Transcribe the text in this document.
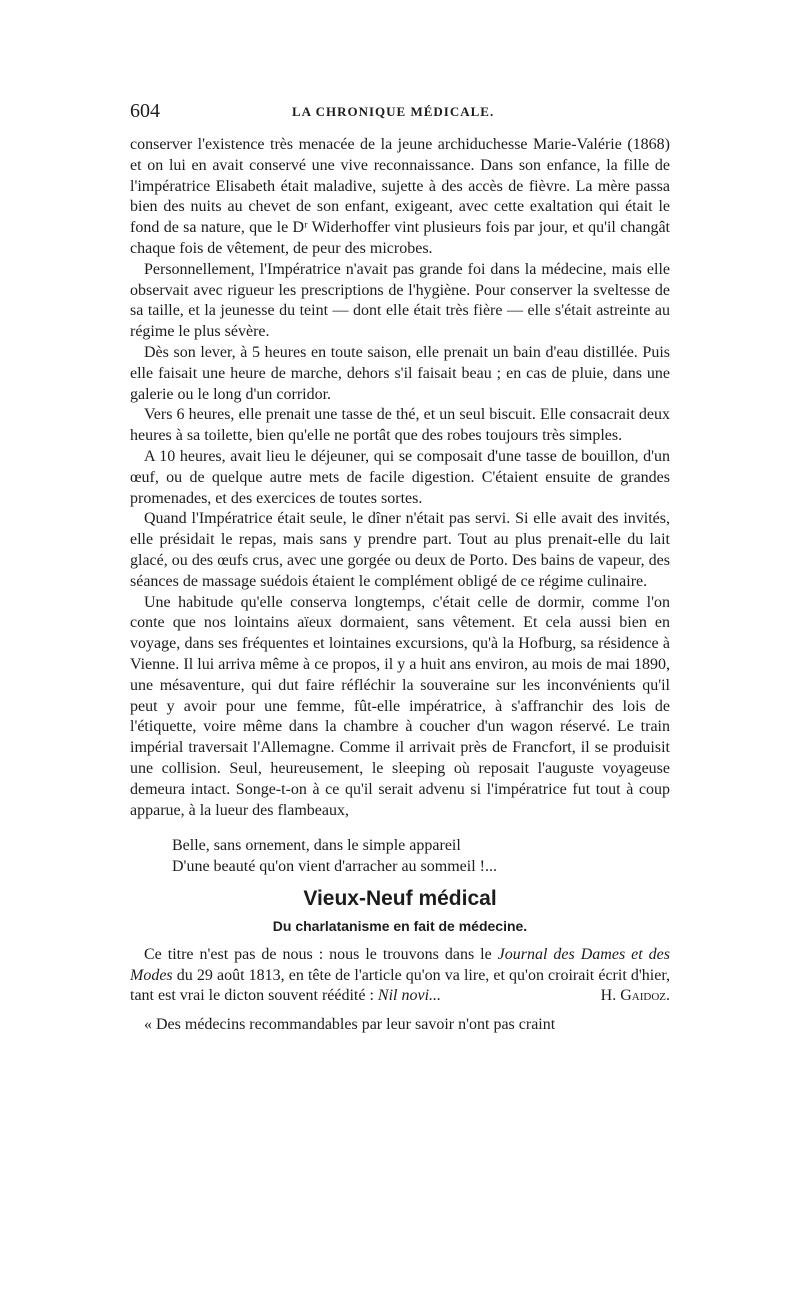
604	LA CHRONIQUE MÉDICALE.

conserver l'existence très menacée de la jeune archiduchesse Marie-Valérie (1868) et on lui en avait conservé une vive reconnaissance. Dans son enfance, la fille de l'impératrice Elisabeth était maladive, sujette à des accès de fièvre. La mère passa bien des nuits au chevet de son enfant, exigeant, avec cette exaltation qui était le fond de sa nature, que le Dʳ Widerhoffer vint plusieurs fois par jour, et qu'il changât chaque fois de vêtement, de peur des microbes.

Personnellement, l'Impératrice n'avait pas grande foi dans la médecine, mais elle observait avec rigueur les prescriptions de l'hygiène. Pour conserver la sveltesse de sa taille, et la jeunesse du teint — dont elle était très fière — elle s'était astreinte au régime le plus sévère.

Dès son lever, à 5 heures en toute saison, elle prenait un bain d'eau distillée. Puis elle faisait une heure de marche, dehors s'il faisait beau ; en cas de pluie, dans une galerie ou le long d'un corridor.

Vers 6 heures, elle prenait une tasse de thé, et un seul biscuit. Elle consacrait deux heures à sa toilette, bien qu'elle ne portât que des robes toujours très simples.

A 10 heures, avait lieu le déjeuner, qui se composait d'une tasse de bouillon, d'un œuf, ou de quelque autre mets de facile digestion. C'étaient ensuite de grandes promenades, et des exercices de toutes sortes.

Quand l'Impératrice était seule, le dîner n'était pas servi. Si elle avait des invités, elle présidait le repas, mais sans y prendre part. Tout au plus prenait-elle du lait glacé, ou des œufs crus, avec une gorgée ou deux de Porto. Des bains de vapeur, des séances de massage suédois étaient le complément obligé de ce régime culinaire.

Une habitude qu'elle conserva longtemps, c'était celle de dormir, comme l'on conte que nos lointains aïeux dormaient, sans vêtement. Et cela aussi bien en voyage, dans ses fréquentes et lointaines excursions, qu'à la Hofburg, sa résidence à Vienne. Il lui arriva même à ce propos, il y a huit ans environ, au mois de mai 1890, une mésaventure, qui dut faire réfléchir la souveraine sur les inconvénients qu'il peut y avoir pour une femme, fût-elle impératrice, à s'affranchir des lois de l'étiquette, voire même dans la chambre à coucher d'un wagon réservé. Le train impérial traversait l'Allemagne. Comme il arrivait près de Francfort, il se produisit une collision. Seul, heureusement, le sleeping où reposait l'auguste voyageuse demeura intact. Songe-t-on à ce qu'il serait advenu si l'impératrice fut tout à coup apparue, à la lueur des flambeaux,

Belle, sans ornement, dans le simple appareil
D'une beauté qu'on vient d'arracher au sommeil !...
Vieux-Neuf médical
Du charlatanisme en fait de médecine.

Ce titre n'est pas de nous : nous le trouvons dans le Journal des Dames et des Modes du 29 août 1813, en tête de l'article qu'on va lire, et qu'on croirait écrit d'hier, tant est vrai le dicton souvent réédité : Nil novi...	H. Gaidoz.

« Des médecins recommandables par leur savoir n'ont pas craint
